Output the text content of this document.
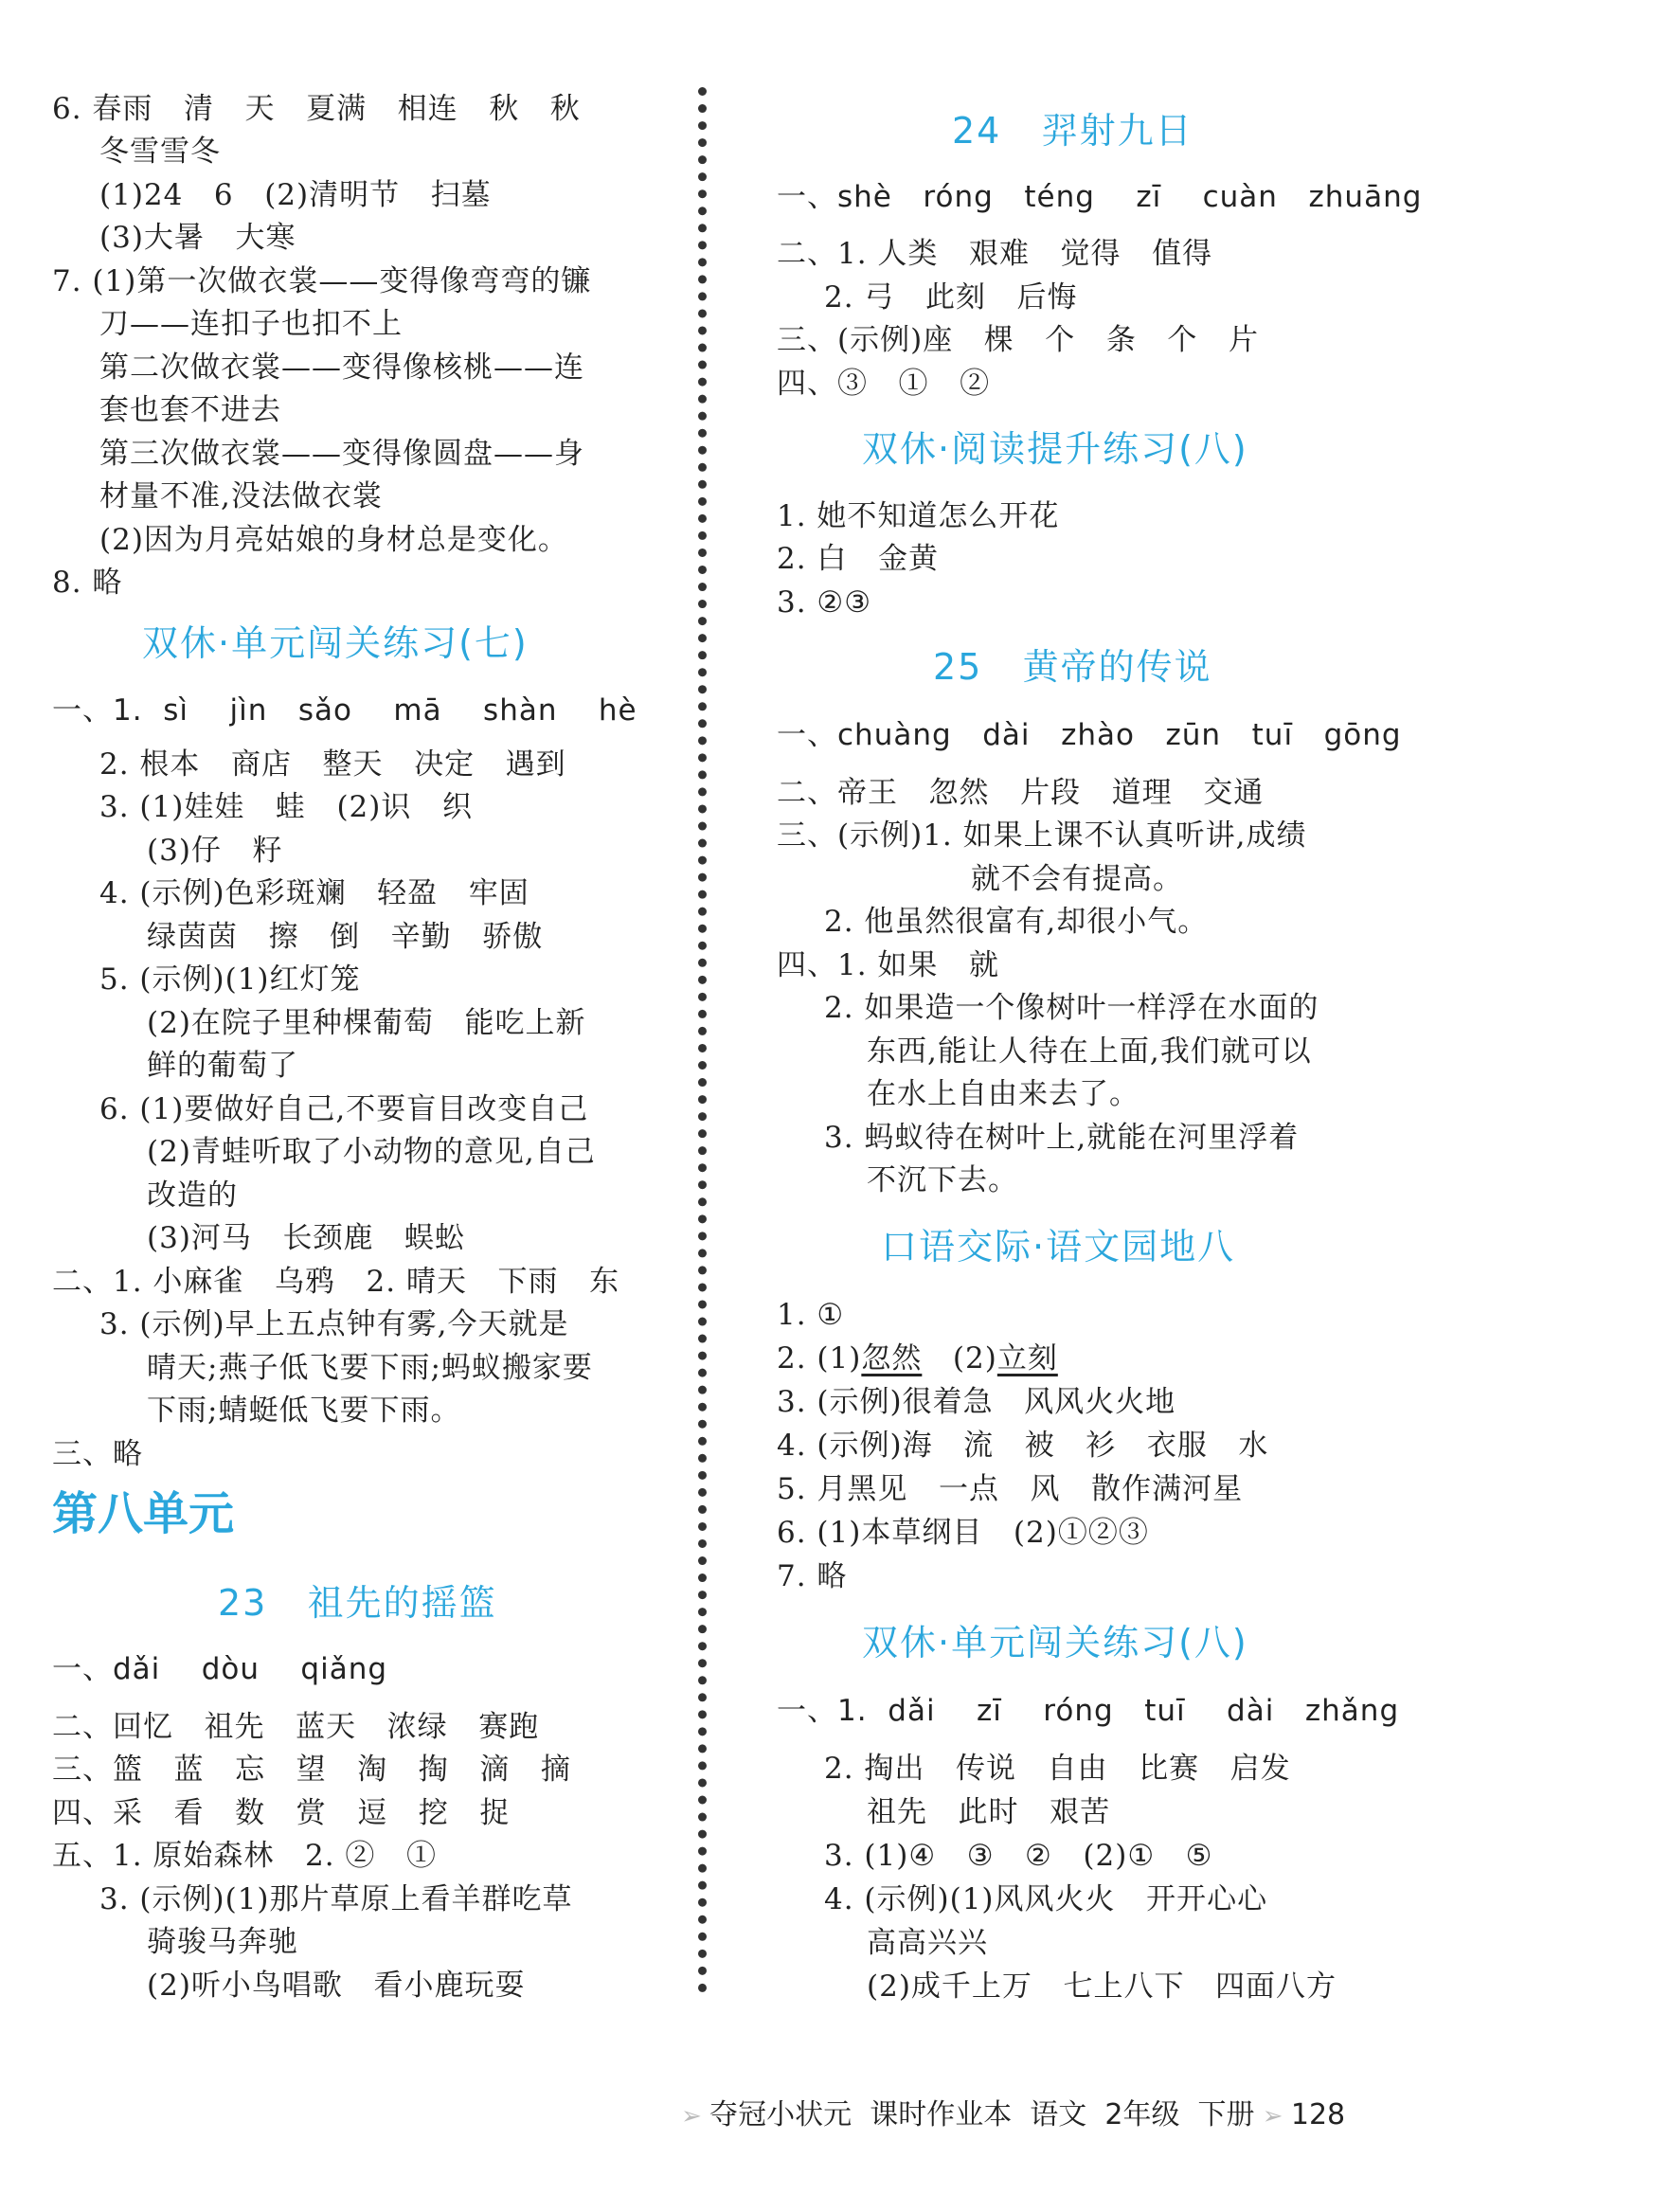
6. 春雨   清   天   夏满   相连   秋   秋
冬雪雪冬
(1)24   6   (2)清明节   扫墓
(3)大暑   大寒
7. (1)第一次做衣裳——变得像弯弯的镰
刀——连扣子也扣不上
第二次做衣裳——变得像核桃——连
套也套不进去
第三次做衣裳——变得像圆盘——身
材量不准,没法做衣裳
(2)因为月亮姑娘的身材总是变化。
8. 略
双休·单元闯关练习(七)
一、1.  sì    jìn   sǎo    mā    shàn    hè
2. 根本   商店   整天   决定   遇到
3. (1)娃娃   蛙   (2)识   织
(3)仔   籽
4. (示例)色彩斑斓   轻盈   牢固
绿茵茵   擦   倒   辛勤   骄傲
5. (示例)(1)红灯笼
(2)在院子里种棵葡萄   能吃上新
鲜的葡萄了
6. (1)要做好自己,不要盲目改变自己
(2)青蛙听取了小动物的意见,自己
改造的
(3)河马   长颈鹿   蜈蚣
二、1. 小麻雀   乌鸦   2. 晴天   下雨   东
3. (示例)早上五点钟有雾,今天就是
晴天;燕子低飞要下雨;蚂蚁搬家要
下雨;蜻蜓低飞要下雨。
三、略
第八单元
23   祖先的摇篮
一、dǎi    dòu    qiǎng
二、回忆   祖先   蓝天   浓绿   赛跑
三、篮   蓝   忘   望   淘   掏   滴   摘
四、采   看   数   赏   逗   挖   捉
五、1. 原始森林   2. ②   ①
3. (示例)(1)那片草原上看羊群吃草
骑骏马奔驰
(2)听小鸟唱歌   看小鹿玩耍
24   羿射九日
一、shè   róng   téng    zī    cuàn   zhuāng
二、1. 人类   艰难   觉得   值得
2. 弓   此刻   后悔
三、(示例)座   棵   个   条   个   片
四、③   ①   ②
双休·阅读提升练习(八)
1. 她不知道怎么开花
2. 白   金黄
3. ②③
25   黄帝的传说
一、chuàng   dài   zhào   zūn   tuī   gōng
二、帝王   忽然   片段   道理   交通
三、(示例)1. 如果上课不认真听讲,成绩
就不会有提高。
2. 他虽然很富有,却很小气。
四、1. 如果   就
2. 如果造一个像树叶一样浮在水面的
东西,能让人待在上面,我们就可以
在水上自由来去了。
3. 蚂蚁待在树叶上,就能在河里浮着
不沉下去。
口语交际·语文园地八
1. ①
2. (1)忽然   (2)立刻
3. (示例)很着急   风风火火地
4. (示例)海   流   被   衫   衣服   水
5. 月黑见   一点   风   散作满河星
6. (1)本草纲目   (2)①②③
7. 略
双休·单元闯关练习(八)
一、1.  dǎi    zī    róng   tuī    dài   zhǎng
2. 掏出   传说   自由   比赛   启发
祖先   此时   艰苦
3. (1)④   ③   ②   (2)①   ⑤
4. (示例)(1)风风火火   开开心心
高高兴兴
(2)成千上万   七上八下   四面八方

➢ 夺冠小状元 课时作业本 语文 2年级 下册 ➢ 128
